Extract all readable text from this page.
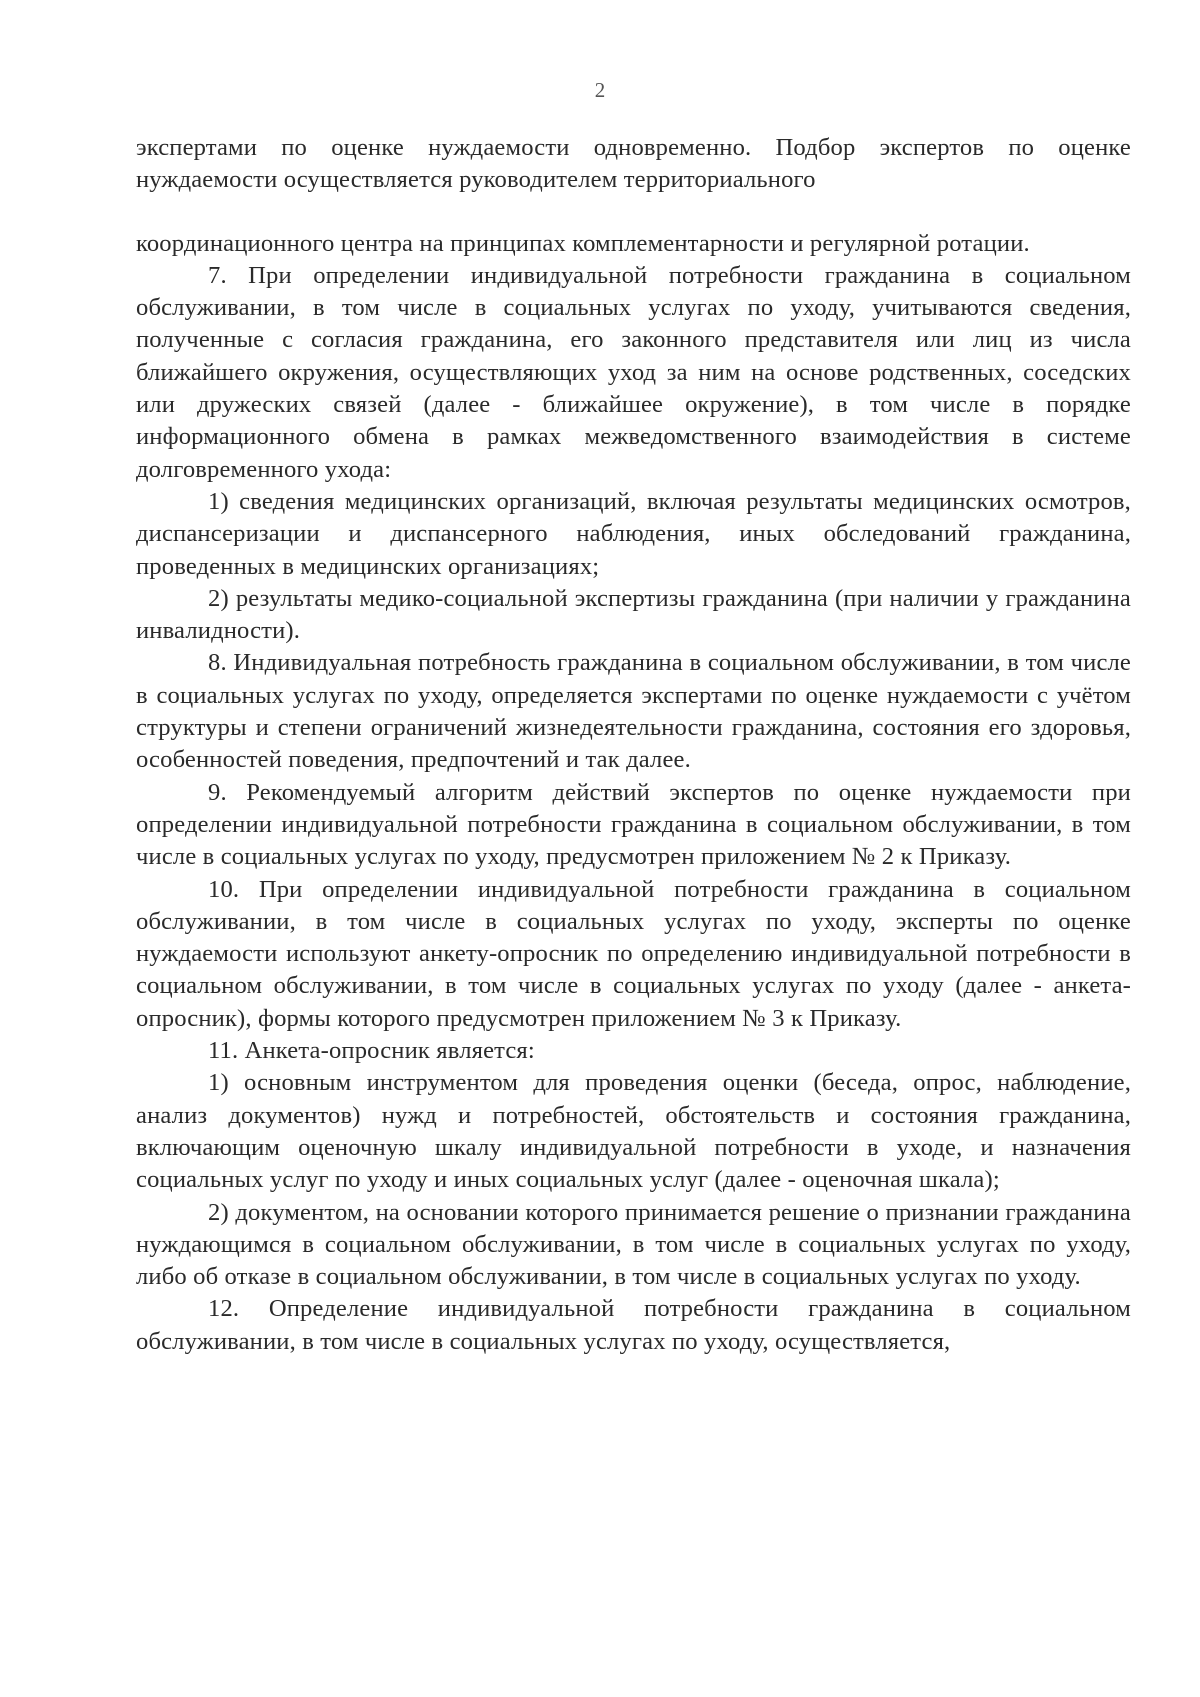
2

экспертами по оценке нуждаемости одновременно. Подбор экспертов по оценке нуждаемости осуществляется руководителем территориального

координационного центра на принципах комплементарности и регулярной ротации.

7. При определении индивидуальной потребности гражданина в социальном обслуживании, в том числе в социальных услугах по уходу, учитываются сведения, полученные с согласия гражданина, его законного представителя или лиц из числа ближайшего окружения, осуществляющих уход за ним на основе родственных, соседских или дружеских связей (далее - ближайшее окружение), в том числе в порядке информационного обмена в рамках межведомственного взаимодействия в системе долговременного ухода:

1) сведения медицинских организаций, включая результаты медицинских осмотров, диспансеризации и диспансерного наблюдения, иных обследований гражданина, проведенных в медицинских организациях;

2) результаты медико-социальной экспертизы гражданина (при наличии у гражданина инвалидности).

8. Индивидуальная потребность гражданина в социальном обслуживании, в том числе в социальных услугах по уходу, определяется экспертами по оценке нуждаемости с учётом структуры и степени ограничений жизнедеятельности гражданина, состояния его здоровья, особенностей поведения, предпочтений и так далее.

9. Рекомендуемый алгоритм действий экспертов по оценке нуждаемости при определении индивидуальной потребности гражданина в социальном обслуживании, в том числе в социальных услугах по уходу, предусмотрен приложением № 2 к Приказу.

10. При определении индивидуальной потребности гражданина в социальном обслуживании, в том числе в социальных услугах по уходу, эксперты по оценке нуждаемости используют анкету-опросник по определению индивидуальной потребности в социальном обслуживании, в том числе в социальных услугах по уходу (далее - анкета-опросник), формы которого предусмотрен приложением № 3 к Приказу.

11. Анкета-опросник является:

1) основным инструментом для проведения оценки (беседа, опрос, наблюдение, анализ документов) нужд и потребностей, обстоятельств и состояния гражданина, включающим оценочную шкалу индивидуальной потребности в уходе, и назначения социальных услуг по уходу и иных социальных услуг (далее - оценочная шкала);

2) документом, на основании которого принимается решение о признании гражданина нуждающимся в социальном обслуживании, в том числе в социальных услугах по уходу, либо об отказе в социальном обслуживании, в том числе в социальных услугах по уходу.

12. Определение индивидуальной потребности гражданина в социальном обслуживании, в том числе в социальных услугах по уходу, осуществляется,
